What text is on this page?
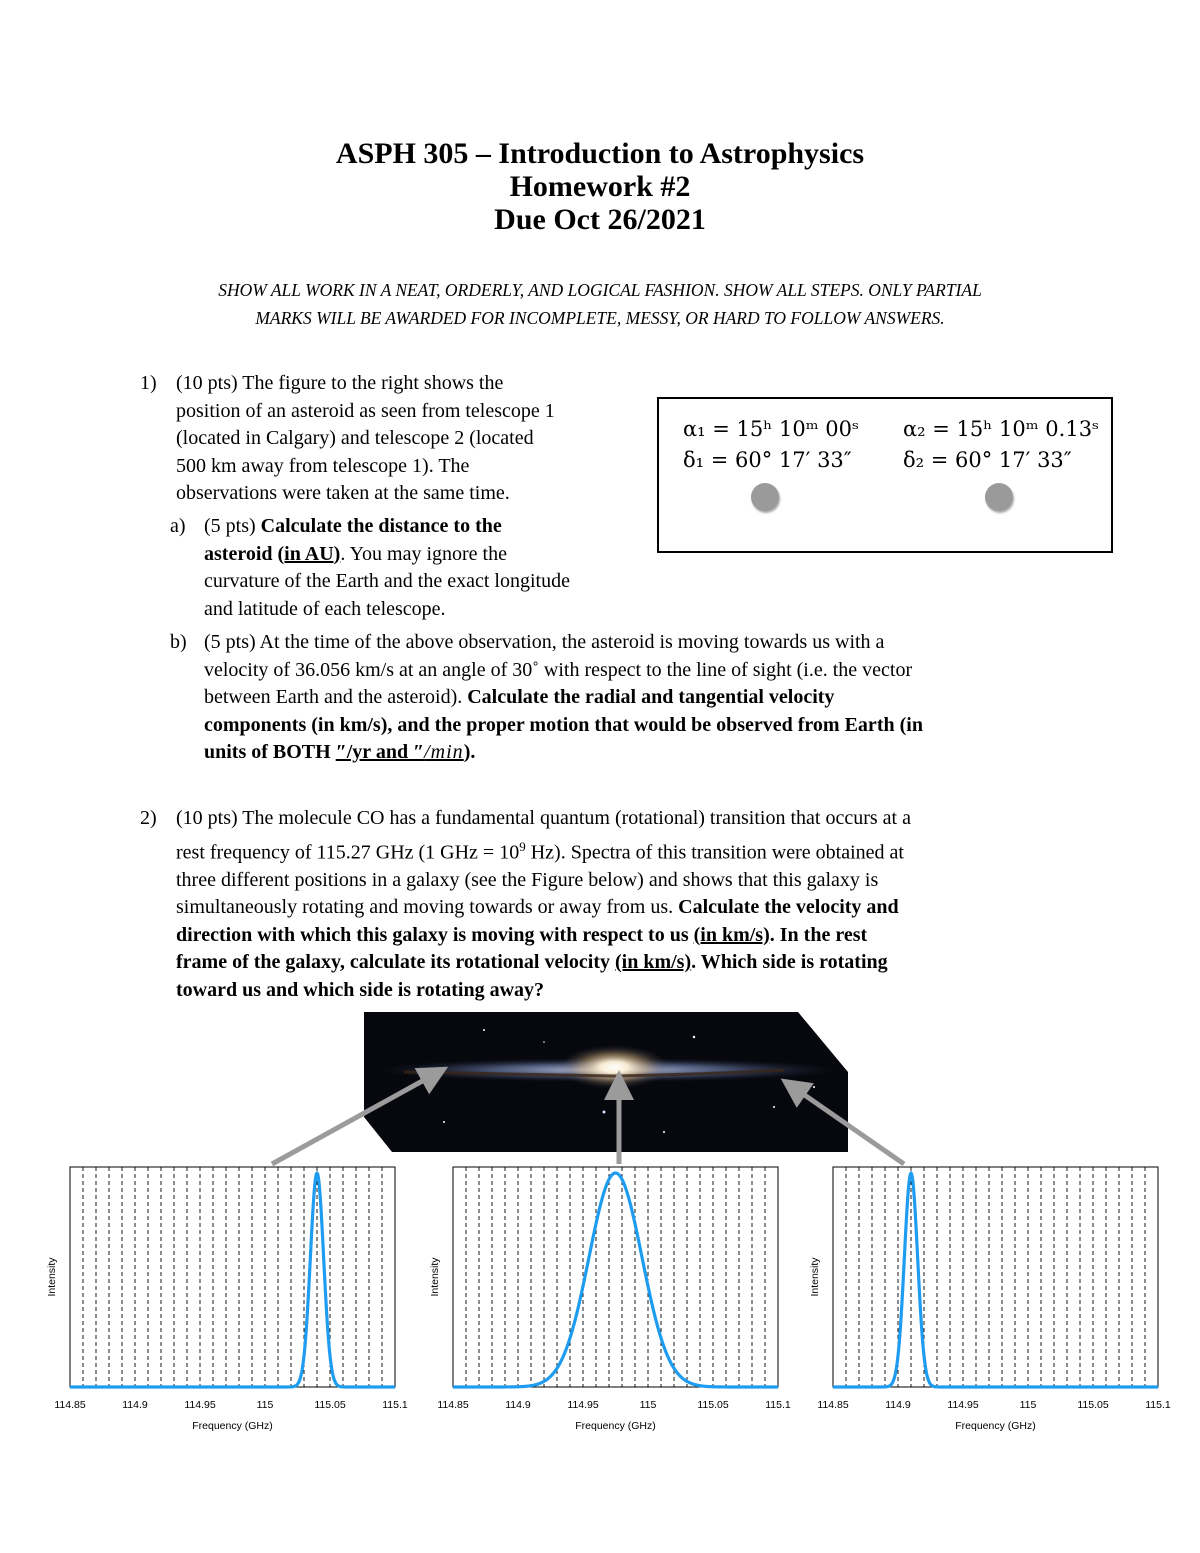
ASPH 305 – Introduction to Astrophysics
Homework #2
Due Oct 26/2021
SHOW ALL WORK IN A NEAT, ORDERLY, AND LOGICAL FASHION. SHOW ALL STEPS. ONLY PARTIAL
MARKS WILL BE AWARDED FOR INCOMPLETE, MESSY, OR HARD TO FOLLOW ANSWERS.
1) (10 pts) The figure to the right shows the
position of an asteroid as seen from telescope 1
(located in Calgary) and telescope 2 (located
500 km away from telescope 1). The
observations were taken at the same time.
a) (5 pts) Calculate the distance to the
asteroid (in AU). You may ignore the
curvature of the Earth and the exact longitude
and latitude of each telescope.
α₁ = 15ʰ 10ᵐ 00ˢ
δ₁ = 60° 17′ 33″
α₂ = 15ʰ 10ᵐ 0.13ˢ
δ₂ = 60° 17′ 33″
b) (5 pts) At the time of the above observation, the asteroid is moving towards us with a
velocity of 36.056 km/s at an angle of 30˚ with respect to the line of sight (i.e. the vector
between Earth and the asteroid). Calculate the radial and tangential velocity
components (in km/s), and the proper motion that would be observed from Earth (in
units of BOTH ″/yr and ″/min).
2) (10 pts) The molecule CO has a fundamental quantum (rotational) transition that occurs at a
rest frequency of 115.27 GHz (1 GHz = $10^9$ Hz). Spectra of this transition were obtained at
three different positions in a galaxy (see the Figure below) and shows that this galaxy is
simultaneously rotating and moving towards or away from us. Calculate the velocity and
direction with which this galaxy is moving with respect to us (in km/s). In the rest
frame of the galaxy, calculate its rotational velocity (in km/s). Which side is rotating
toward us and which side is rotating away?
114.85	114.9	114.95	115	115.05	115.1
Frequency (GHz)
Intensity
114.85	114.9	114.95	115	115.05	115.1
Frequency (GHz)
Intensity
114.85	114.9	114.95	115	115.05	115.1
Frequency (GHz)
Intensity
